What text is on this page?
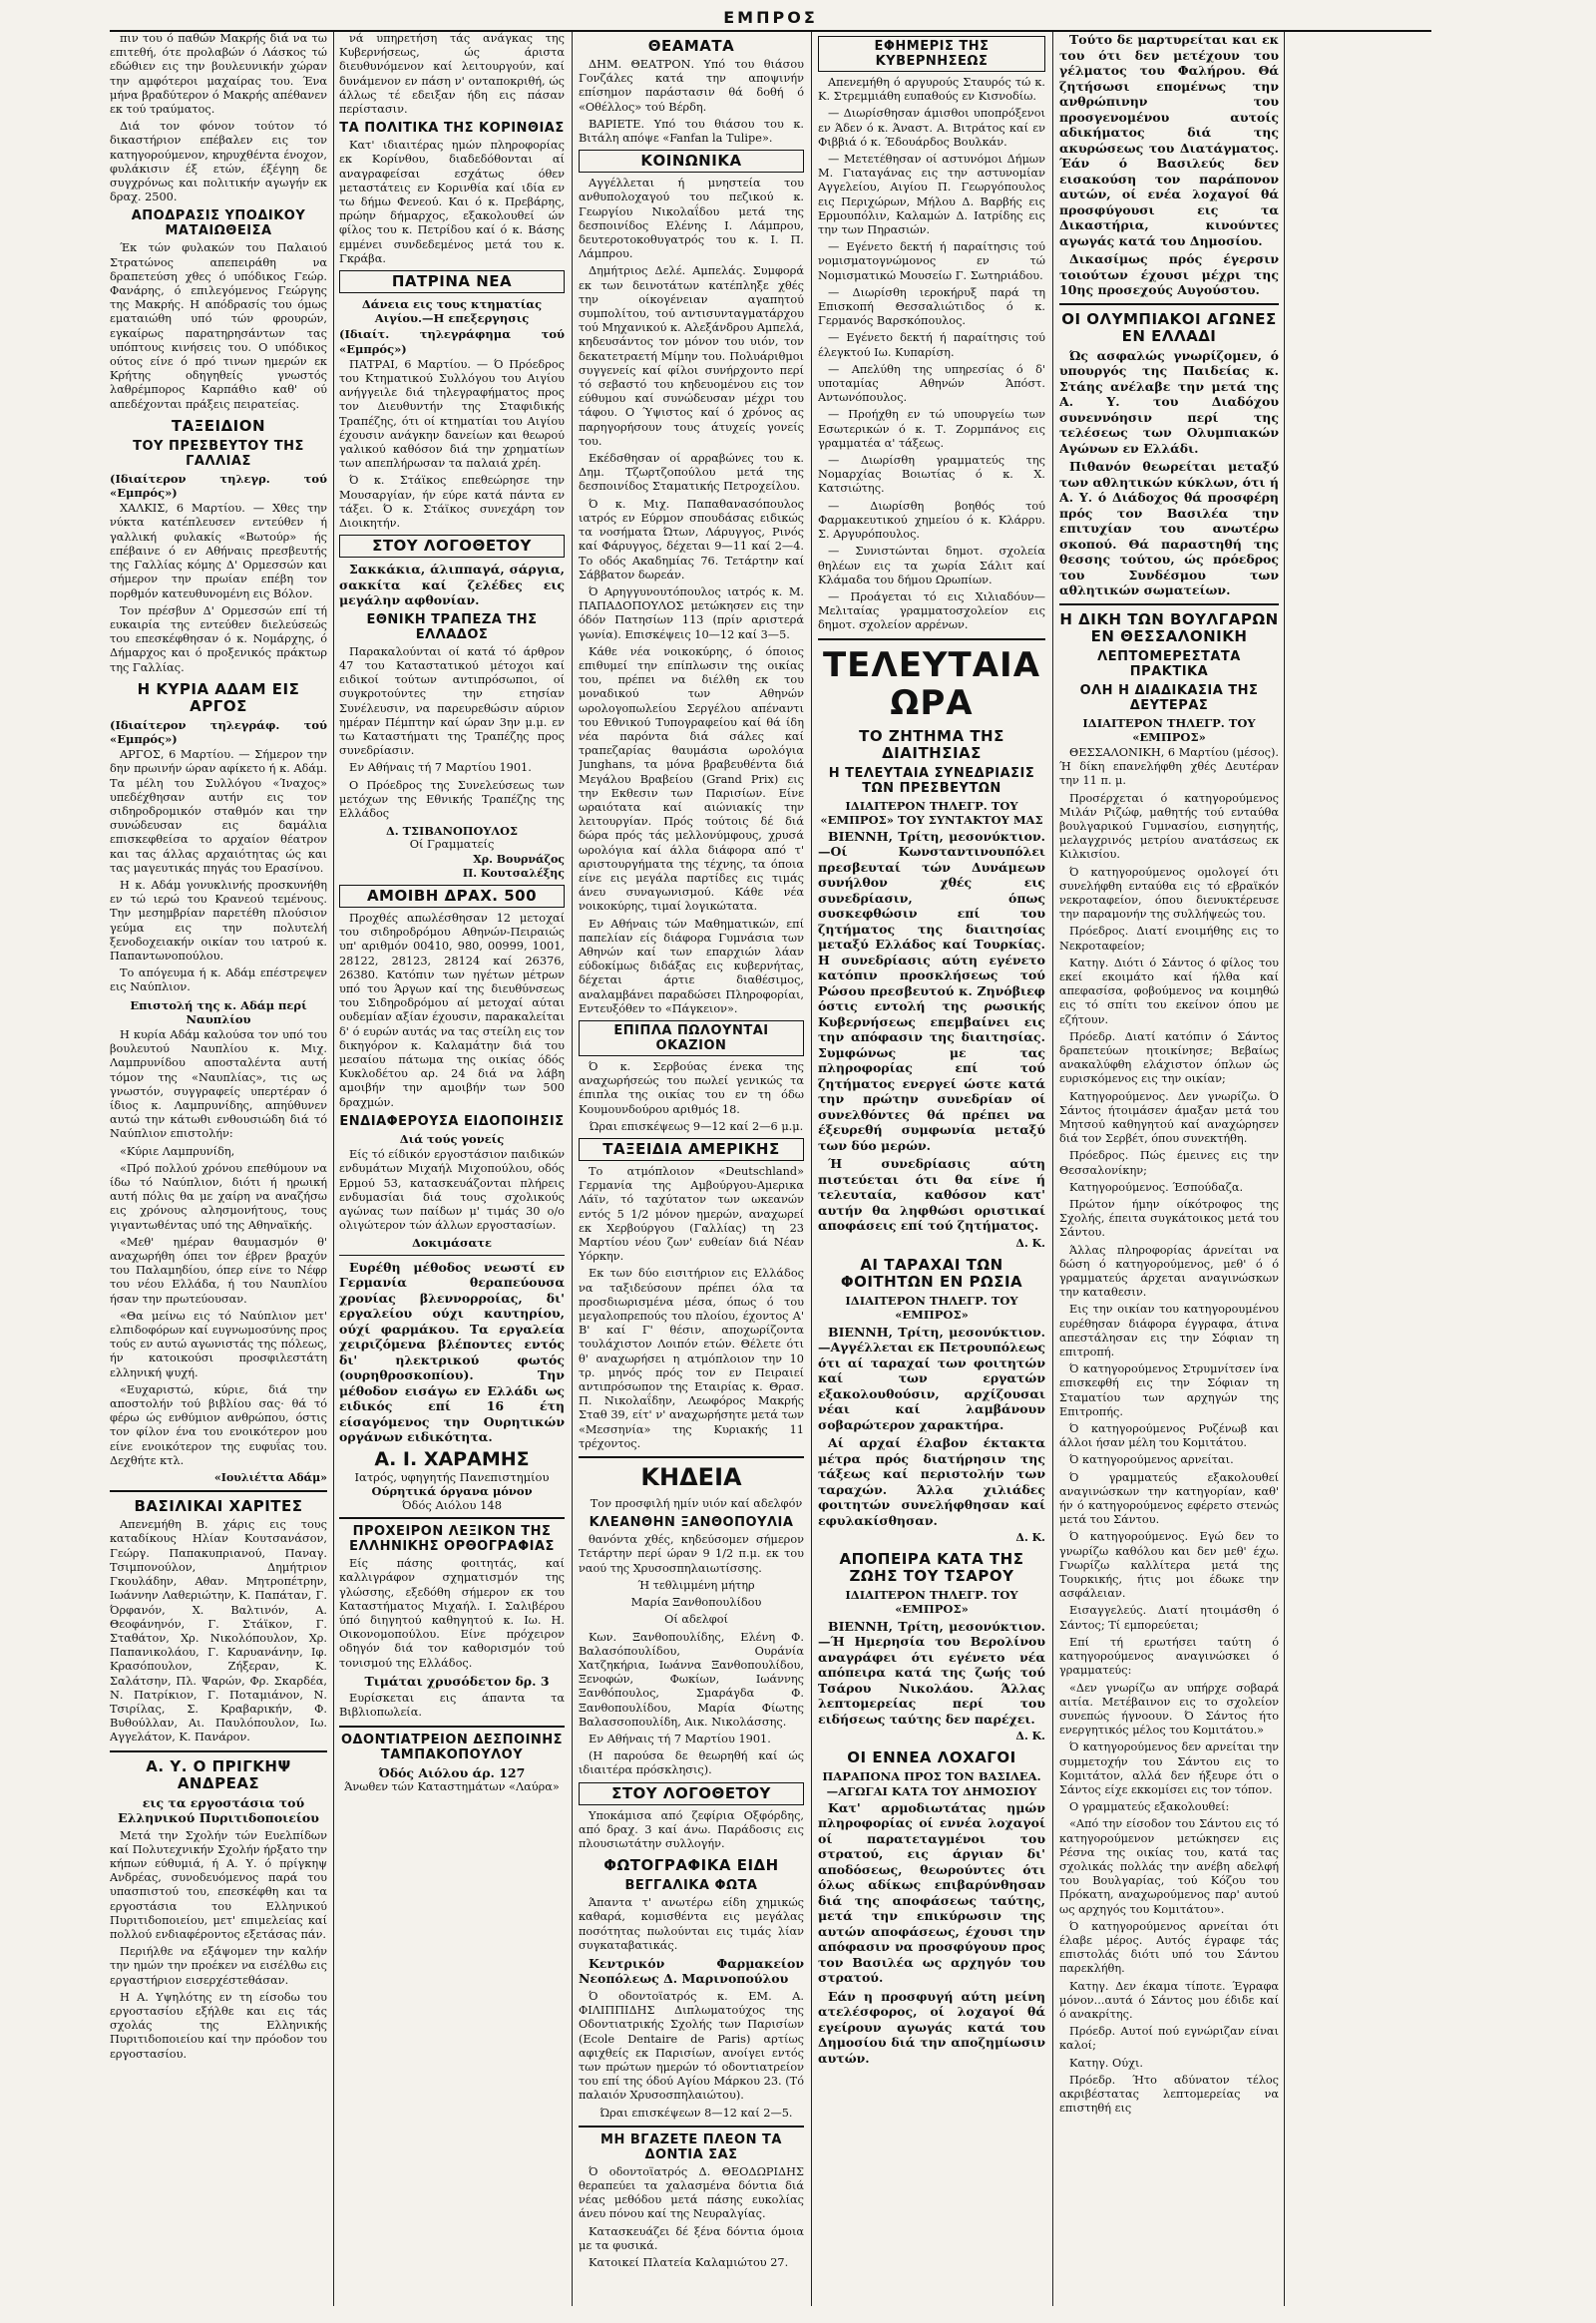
ΕΜΠΡΟΣ

πιν του ό παθών Μακρής διά να τω επιτεθή, ότε προλαβών ό Λάσκος τώ εδώθιεν εις την βουλευνικήν χώραν την αμφότεροι μαχαίρας του. Ένα μήνα βραδύτερον ό Μακρής απέθανεν εκ τού τραύματος.

Διά τον φόνον τούτον τό δικαστήριον επέβαλεν εις τον κατηγορούμενον, κηρυχθέντα ένοχον, φυλάκισιν έξ ετών, έξέγηη δε συγχρόνως και πολιτικήν αγωγήν εκ δραχ. 2500.

ΑΠΟΔΡΑΣΙΣ ΥΠΟΔΙΚΟΥ ΜΑΤΑΙΩΘΕΙΣΑ

Έκ τών φυλακών του Παλαιού Στρατώνος απεπειράθη να δραπετεύση χθες ό υπόδικος Γεώρ. Φανάρης, ό επιλεγόμενος Γεώργης της Μακρής. Η απόδρασίς του όμως εματαιώθη υπό τών φρουρών, εγκαίρως παρατηρησάντων τας υπόπτους κινήσεις του. Ο υπόδικος ούτος είνε ό πρό τινων ημερών εκ Κρήτης οδηγηθείς γνωστός λαθρέμπορος Καρπάθιο καθ' ού απεδέχονται πράξεις πειρατείας.

ΤΑΞΕΙΔΙΟΝ
ΤΟΥ ΠΡΕΣΒΕΥΤΟΥ ΤΗΣ ΓΑΛΛΙΑΣ
(Ιδιαίτερον τηλεγρ. τού «Εμπρός»)

ΧΑΛΚΙΣ, 6 Μαρτίου. — Χθες την νύκτα κατέπλευσεν εντεύθεν ή γαλλική φυλακίς «Βωτούρ» ής επέβαινε ό εν Αθήναις πρεσβευτής της Γαλλίας κόμης Δ' Ορμεσσών και σήμερον την πρωίαν επέβη τον πορθμόν κατευθυνομένη εις Βόλον.

Τον πρέσβυν Δ' Ορμεσσών επί τή ευκαιρία της εντεύθεν διελεύσεώς του επεσκέφθησαν ό κ. Νομάρχης, ό Δήμαρχος και ό προξενικός πράκτωρ της Γαλλίας.

Η ΚΥΡΙΑ ΑΔΑΜ ΕΙΣ ΑΡΓΟΣ
(Ιδιαίτερον τηλεγράφ. τού «Εμπρός»)

ΑΡΓΟΣ, 6 Μαρτίου. — Σήμερον την δην πρωινήν ώραν αφίκετο ή κ. Αδάμ. Τα μέλη του Συλλόγου «Ίναχος» υπεδέχθησαν αυτήν εις τον σιδηροδρομικόν σταθμόν και την συνώδευσαν εις δαμάλια επισκεφθείσα το αρχαίον θέατρον και τας άλλας αρχαιότητας ώς και τας μαγευτικάς πηγάς του Ερασίνου.

Η κ. Αδάμ γονυκλινής προσκυνήθη εν τώ ιερώ του Κρανεού τεμένους. Την μεσημβρίαν παρετέθη πλούσιον γεύμα εις την πολυτελή ξενοδοχειακήν οικίαν του ιατρού κ. Παπαντωνοπούλου.

Το απόγευμα ή κ. Αδάμ επέστρεψεν εις Ναύπλιον.

Επιστολή της κ. Αδάμ περί Ναυπλίου

Η κυρία Αδάμ καλούσα τον υπό του βουλευτού Ναυπλίου κ. Μιχ. Λαμπρυνίδου αποσταλέντα αυτή τόμον της «Ναυπλίας», τις ως γνωστόν, συγγραφείς υπερτέραν ό ίδιος κ. Λαμπρυνίδης, απηύθυνεν αυτώ την κάτωθι ενθουσιώδη διά τό Ναύπλιον επιστολήν:

«Κύριε Λαμπρυνίδη,

«Πρό πολλού χρόνου επεθύμουν να ίδω τό Ναύπλιον, διότι ή ηρωική αυτή πόλις θα με χαίρη να αναζήσω εις χρόνους αλησμονήτους, τους γιγαντωθέντας υπό της Αθηναϊκής.

«Μεθ' ημέραν θαυμασμόν θ' αναχωρήθη όπει τον έβρεν βραχύν του Παλαμηδίου, όπερ είνε το Νέφρ του νέου Ελλάδα, ή του Ναυπλίου ήσαν την πρωτεύουσαν.

«Θα μείνω εις τό Ναύπλιον μετ' ελπιδοφόρων καί ευγνωμοσύνης προς τούς εν αυτώ αγωνιστάς της πόλεως, ήν κατοικούσι προσφιλεστάτη ελληνική ψυχή.

«Ευχαριστώ, κύριε, διά την αποστολήν τού βιβλίου σας· θά τό φέρω ώς ενθύμιον ανθρώπου, όστις τον φίλον ένα του ενοικότερον μου είνε ενοικότερον της ευφυΐας του. Δεχθήτε κτλ.

«Ιουλιέττα Αδάμ»
ΒΑΣΙΛΙΚΑΙ ΧΑΡΙΤΕΣ

Απενεμήθη Β. χάρις εις τους καταδίκους Ηλίαν Κουτσανάσον, Γεώργ. Παπακυπριανού, Παναγ. Τσιμπονούλον, Δημήτριον Γκουλάδην, Αθαν. Μητροπέτρην, Ιωάννην Λαθεριώτην, Κ. Παπάταν, Γ. Όρφανόν, Χ. Βαλτινόν, Α. Θεοφάνηνόν, Γ. Στάϊκον, Γ. Σταθάτον, Χρ. Νικολόπουλον, Χρ. Παπανικολάου, Γ. Καρυανάνην, Ιφ. Κρασόπουλον, Ζήξεραν, Κ. Σαλάτσην, Πλ. Ψαρών, Φρ. Σκαρδέα, Ν. Πατρίκιον, Γ. Ποταμιάνον, Ν. Τσιρίλας, Σ. Κραβαρικήν, Φ. Βυθούλλαν, Αι. Παυλόπουλον, Ιω. Αγγελάτον, Κ. Πανάρον.

Α. Υ. Ο ΠΡΙΓΚΗΨ ΑΝΔΡΕΑΣ

εις τα εργοστάσια τού Ελληνικού Πυριτιδοποιείου

Μετά την Σχολήν τών Ευελπίδων καί Πολυτεχνικήν Σχολήν ήρξατο την κήπων εύθυμιά, ή Α. Υ. ό πρίγκηψ Ανδρέας, συνοδευόμενος παρά του υπασπιστού του, επεσκέφθη και τα εργοστάσια του Ελληνικού Πυριτιδοποιείου, μετ' επιμελείας καί πολλού ενδιαφέροντος εξετάσας πάν.

Περιήλθε να εξάψομεν την καλήν την ημών την προέκεν να εισέλθω εις εργαστήριον εισερχέστεθάσαν.

Η Α. Υψηλότης εν τη είσοδω του εργοστασίου εξήλθε και εις τάς σχολάς της Ελληνικής Πυριτιδοποιείου καί την πρόοδον του εργοστασίου.

νά υπηρετήση τάς ανάγκας της Κυβερνήσεως, ώς άριστα διευθυνόμενον καί λειτουργούν, καί δυνάμενον εν πάση ν' ονταποκριθή, ώς άλλως τέ εδειξαν ήδη εις πάσαν περίστασιν.

ΤΑ ΠΟΛΙΤΙΚΑ ΤΗΣ ΚΟΡΙΝΘΙΑΣ

Κατ' ιδιαιτέρας ημών πληροφορίας εκ Κορίνθου, διαδεδόθονται αί αναγραφείσαι εσχάτως όθεν μεταστάτεις εν Κορινθία καί ιδία εν τω δήμω Φενεού. Και ό κ. Πρεβάρης, πρώην δήμαρχος, εξακολουθεί ών φίλος του κ. Πετρίδου καί ό κ. Βάσης εμμένει συνδεδεμένος μετά του κ. Γκράβα.

ΠΑΤΡΙΝΑ ΝΕΑ
Δάνεια εις τους κτηματίας Αιγίου.—Η επεξεργησις
(Ιδιαίτ. τηλεγράφημα τού «Εμπρός»)

ΠΑΤΡΑΙ, 6 Μαρτίου. — Ό Πρόεδρος του Κτηματικού Συλλόγου του Αιγίου ανήγγειλε διά τηλεγραφήματος προς τον Διευθυντήν της Σταφιδικής Τραπέζης, ότι οί κτηματίαι του Αιγίου έχουσιν ανάγκην δανείων και θεωρού γαλικού καθόσον διά την χρηματίων των απεπλήρωσαν τα παλαιά χρέη.

Ό κ. Στάϊκος επεθεώρησε την Μουσαργίαν, ήν εύρε κατά πάντα εν τάξει. Ό κ. Στάϊκος συνεχάρη τον Διοικητήν.

ΣΤΟΥ ΛΟΓΟΘΕΤΟΥ

Σακκάκια, άλιππαγά, σάργια, σακκίτα καί ζελέδες εις μεγάλην αφθονίαν.

ΕΘΝΙΚΗ ΤΡΑΠΕΖΑ ΤΗΣ ΕΛΛΑΔΟΣ

Παρακαλούνται οί κατά τό άρθρον 47 του Καταστατικού μέτοχοι καί ειδικοί τούτων αντιπρόσωποι, οί συγκροτούντες την ετησίαν Συνέλευσιν, να παρευρεθώσιν αύριον ημέραν Πέμπτην καί ώραν 3ην μ.μ. εν τω Καταστήματι της Τραπέζης προς συνεδρίασιν.

Εν Αθήναις τή 7 Μαρτίου 1901.

Ο Πρόεδρος της Συνελεύσεως των μετόχων της Εθνικής Τραπέζης της Ελλάδος

Δ. ΤΣΙΒΑΝΟΠΟΥΛΟΣ
Οί Γραμματείς
Χρ. Βουρνάζος
Π. Κουτσαλέξης
ΑΜΟΙΒΗ ΔΡΑΧ. 500

Προχθές απωλέσθησαν 12 μετοχαί του σιδηροδρόμου Αθηνών-Πειραιώς υπ' αριθμόν 00410, 980, 00999, 1001, 28122, 28123, 28124 καί 26376, 26380. Κατόπιν των ηγέτων μέτρων υπό του Άργων καί της διευθύνσεως του Σιδηροδρόμου αί μετοχαί αύται ουδεμίαν αξίαν έχουσιν, παρακαλείται δ' ό ευρών αυτάς να τας στείλη εις τον δικηγόρον κ. Καλαμάτην διά του μεσαίου πάτωμα της οικίας όδός Κυκλοδέτου αρ. 24 διά να λάβη αμοιβήν την αμοιβήν των 500 δραχμών.

ΕΝΔΙΑΦΕΡΟΥΣΑ ΕΙΔΟΠΟΙΗΣΙΣ
Διά τούς γονείς

Είς τό είδικόν εργοστάσιον παιδικών ενδυμάτων Μιχαήλ Μιχοπούλου, οδός Ερμού 53, κατασκευάζονται πλήρεις ενδυμασίαι διά τους σχολικούς αγώνας των παίδων μ' τιμάς 30 ο/ο ολιγώτερον τών άλλων εργοστασίων.

Δοκιμάσατε

Ευρέθη μέθοδος νεωστί εν Γερμανία θεραπεύουσα χρονίας βλεννορροίας, δι' εργαλείου ούχι καυτηρίου, ούχί φαρμάκου. Τα εργαλεία χειριζόμενα βλέποντες εντός δι' ηλεκτρικού φωτός (ουρηθροσκοπίου). Την μέθοδον εισάγω εν Ελλάδι ως ειδικός επί 16 έτη είσαγόμενος την Ουρητικών οργάνων ειδικότητα.

Α. Ι. ΧΑΡΑΜΗΣ
Ιατρός, υφηγητής Πανεπιστημίου
Ούρητικά όργανα μόνον
Όδός Αιόλου 148
ΠΡΟΧΕΙΡΟΝ ΛΕΞΙΚΟΝ ΤΗΣ ΕΛΛΗΝΙΚΗΣ ΟΡΘΟΓΡΑΦΙΑΣ

Είς πάσης φοιτητάς, καί καλλιγράφον σχηματισμόν της γλώσσης, εξεδόθη σήμερον εκ του Καταστήματος Μιχαήλ. Ι. Σαλιβέρου ύπό διηγητού καθηγητού κ. Ιω. Η. Οικονομοπούλου. Είνε πρόχειρον οδηγόν διά τον καθορισμόν τού τονισμού της Ελλάδος.

Τιμάται χρυσόδετον δρ. 3

Ευρίσκεται εις άπαντα τα Βιβλιοπωλεία.

ΟΔΟΝΤΙΑΤΡΕΙΟΝ ΔΕΣΠΟΙΝΗΣ ΤΑΜΠΑΚΟΠΟΥΛΟΥ
Όδός Αιόλου άρ. 127
Άνωθεν τών Καταστημάτων «Λαύρα»
ΘΕΑΜΑΤΑ

ΔΗΜ. ΘΕΑΤΡΟΝ. Υπό του θιάσου Γονζάλες κατά την αποψινήν επίσημον παράστασιν θά δοθή ό «Οθέλλος» τού Βέρδη.

ΒΑΡΙΕΤΕ. Υπό του θιάσου του κ. Βιτάλη απόψε «Fanfan la Tulipe».

ΚΟΙΝΩΝΙΚΑ

Αγγέλλεται ή μνηστεία του ανθυπολοχαγού του πεζικού κ. Γεωργίου Νικολαΐδου μετά της δεσποινίδος Ελένης Ι. Λάμπρου, δευτεροτοκοθυγατρός του κ. Ι. Π. Λάμπρου.

Δημήτριος Δελέ. Αμπελάς. Συμφορά εκ των δεινοτάτων κατέπληξε χθές την οίκογένειαν αγαπητού συμπολίτου, τού αντισυνταγματάρχου τού Μηχανικού κ. Αλεξάνδρου Αμπελά, κηδευσάντος τον μόνον του υιόν, τον δεκατετραετή Μίμην του. Πολυάριθμοι συγγενείς καί φίλοι συνήρχοντο περί τό σεβαστό του κηδευομένου εις τον εύθυμου καί συνώδευσαν μέχρι του τάφου. Ο Ύψιστος καί ό χρόνος ας παρηγορήσουν τους άτυχείς γονείς του.

Εκέδσθησαν οί αρραβώνες του κ. Δημ. Τζωρτζοπούλου μετά της δεσποινίδος Σταματικής Πετροχείλου.

Ό κ. Μιχ. Παπαθανασόπουλος ιατρός εν Εύρμον σπουδάσας ειδικώς τα νοσήματα Ώτων, Λάρυγγος, Ρινός καί Φάρυγγος, δέχεται 9—11 καί 2—4. Το οδός Ακαδημίας 76. Τετάρτην καί Σάββατον δωρεάν.

Ό Αρηγγυνουτόπουλος ιατρός κ. Μ. ΠΑΠΑΔΟΠΟΥΛΟΣ μετώκησεν εις την όδόν Πατησίων 113 (πρίν αριστερά γωνία). Επισκέψεις 10—12 καί 3—5.

Κάθε νέα νοικοκύρης, ό όποιος επιθυμεί την επίπλωσιν της οικίας του, πρέπει να διέλθη εκ του μοναδικού των Αθηνών ωρολογοπωλείου Σεργέλου απέναντι του Εθνικού Τυπογραφείου καί θά ίδη νέα παρόντα διά σάλες καί τραπεζαρίας θαυμάσια ωρολόγια Junghans, τα μόνα βραβευθέντα διά Μεγάλου Βραβείου (Grand Prix) εις την Εκθεσιν των Παρισίων. Είνε ωραιότατα καί αιώνιακίς την λειτουργίαν. Πρός τούτοις δέ διά δώρα πρός τάς μελλονύμφους, χρυσά ωρολόγια καί άλλα διάφορα από τ' αριστουργήματα της τέχνης, τα όποια είνε εις μεγάλα παρτίδες εις τιμάς άνευ συναγωνισμού. Κάθε νέα νοικοκύρης, τιμαί λογικώτατα.

Εν Αθήναις τών Μαθηματικών, επί παπελίαν είς διάφορα Γυμνάσια των Αθηνών καί των επαρχιών λάαν εύδοκίμως διδάξας εις κυβερνήτας, δέχεται άρτιε διαθέσιμος, αναλαμβάνει παραδώσει Πληροφορίαι, Εντευξόθεν το «Πάγκειον».

ΕΠΙΠΛΑ ΠΩΛΟΥΝΤΑΙ ΟΚΑΖΙΟΝ

Ό κ. Σερβούας ένεκα της αναχωρήσεώς του πωλεί γενικώς τα έπιπλα της οικίας του εν τη όδω Κουμουνδούρου αριθμός 18.

Ώραι επισκέψεως 9—12 καί 2—6 μ.μ.

ΤΑΞΕΙΔΙΑ ΑΜΕΡΙΚΗΣ

Το ατμόπλοιον «Deutschland» Γερμανία της Αμβούργου-Αμερικα Λάϊν, τό ταχύτατον των ωκεανών εντός 5 1/2 μόνον ημερών, αναχωρεί εκ Χερβούργου (Γαλλίας) τη 23 Μαρτίου νέου ζων' ευθείαν διά Νέαν Υόρκην.

Εκ των δύο εισιτήριον εις Ελλάδος να ταξιδεύσουν πρέπει όλα τα προσδιωρισμένα μέσα, όπως ό του μεγαλοπρεπούς του πλοίου, έχοντος Α' Β' καί Γ' θέσιν, αποχωρίζοντα τουλάχιστον Λοιπόν ετών. Θέλετε ότι θ' αναχωρήσει η ατμόπλοιον την 10 τρ. μηνός πρός τον εν Πειραιεί αντιπρόσωπον της Εταιρίας κ. Θρασ. Π. Νικολαΐδην, Λεωφόρος Μακρής Σταθ 39, είτ' ν' αναχωρήσητε μετά των «Μεσσηνία» της Κυριακής 11 τρέχοντος.

ΚΗΔΕΙΑ

Τον προσφιλή ημίν υιόν καί αδελφόν

ΚΛΕΑΝΘΗΝ ΞΑΝΘΟΠΟΥΛΙΑ

θανόντα χθές, κηδεύσομεν σήμερον Τετάρτην περί ώραν 9 1/2 π.μ. εκ του ναού της Χρυσοσπηλαιωτίσσης.

Ή τεθλιμμένη μήτηρ

Μαρία Ξανθοπουλίδου

Οί αδελφοί

Κων. Ξανθοπουλίδης, Ελένη Φ. Βαλασόπουλίδου, Ουράνία Χατζηκήρια, Ιωάννα Ξανθοπουλίδου, Ξενοφών, Φωκίων, Ιωάννης Ξανθόπουλος, Σμαράγδα Φ. Ξανθοπουλίδου, Μαρία Φίωτης Βαλασσοπουλίδη, Αικ. Νικολάσσης.

Εν Αθήναις τή 7 Μαρτίου 1901.

(Η παρούσα δε θεωρηθή καί ώς ιδιαιτέρα πρόσκλησις).

ΣΤΟΥ ΛΟΓΟΘΕΤΟΥ

Υποκάμισα από ζεφίρια Οξφόρδης, από δραχ. 3 καί άνω. Παράδοσις εις πλουσιωτάτην συλλογήν.

ΦΩΤΟΓΡΑΦΙΚΑ ΕΙΔΗ
ΒΕΓΓΑΛΙΚΑ ΦΩΤΑ

Άπαντα τ' ανωτέρω είδη χημικώς καθαρά, κομισθέντα εις μεγάλας ποσότητας πωλούνται εις τιμάς λίαν συγκαταβατικάς.

Κεντρικόν Φαρμακείον Νεοπόλεως Δ. Μαρινοπούλου

Ό οδοντοϊατρός κ. ΕΜ. Α. ΦΙΛΙΠΠΙΔΗΣ Διπλωματούχος της Οδοντιατρικής Σχολής των Παρισίων (Ecole Dentaire de Paris) αρτίως αφιχθείς εκ Παρισίων, ανοίγει εντός των πρώτων ημερών τό οδοντιατρείον του επί της όδού Αγίου Μάρκου 23. (Τό παλαιόν Χρυσοσπηλαιώτου).

Ώραι επισκέψεων 8—12 καί 2—5.

ΜΗ ΒΓΑΖΕΤΕ ΠΛΕΟΝ ΤΑ ΔΟΝΤΙΑ ΣΑΣ

Ό οδοντοϊατρός Δ. ΘΕΟΔΩΡΙΔΗΣ θεραπεύει τα χαλασμένα δόντια διά νέας μεθόδου μετά πάσης ευκολίας άνευ πόνου καί της Νευραλγίας.

Κατασκευάζει δέ ξένα δόντια όμοια με τα φυσικά.

Κατοικεί Πλατεία Καλαμιώτου 27.

ΕΦΗΜΕΡΙΣ ΤΗΣ ΚΥΒΕΡΝΗΣΕΩΣ

Απενεμήθη ό αργυρούς Σταυρός τώ κ. Κ. Στρεμμιάθη ευπαθούς εν Κισνοδίω.

— Διωρίσθησαν άμισθοι υποπρόξενοι εν Άδεν ό κ. Άναστ. Α. Βιτράτος καί εν Φιββιά ό κ. Έδουάρδος Βουλκάν.

— Μετετέθησαν οί αστυνόμοι Δήμων Μ. Γιαταγάνας εις την αστυνομίαν Αγγελείου, Αιγίου Π. Γεωργόπουλος εις Περιχώρων, Μήλου Δ. Βαρβής εις Ερμουπόλιν, Καλαμών Δ. Ιατρίδης εις την των Πηρασιών.

— Εγένετο δεκτή ή παραίτησις τού νομισματογνώμονος εν τώ Νομισματικώ Μουσείω Γ. Σωτηριάδου.

— Διωρίσθη ιεροκήρυξ παρά τη Επισκοπή Θεσσαλιώτιδος ό κ. Γερμανός Βαρσκόπουλος.

— Εγένετο δεκτή ή παραίτησις τού έλεγκτού Ιω. Κυπαρίση.

— Απελύθη της υπηρεσίας ό δ' υποταμίας Αθηνών Άπόστ. Αντωνόπουλος.

— Προήχθη εν τώ υπουργείω των Εσωτερικών ό κ. Τ. Ζορμπάνος εις γραμματέα α' τάξεως.

— Διωρίσθη γραμματεύς της Νομαρχίας Βοιωτίας ό κ. Χ. Κατσιώτης.

— Διωρίσθη βοηθός τού Φαρμακευτικού χημείου ό κ. Κλάρρυ. Σ. Αργυρόπουλος.

— Συνιστώνται δημοτ. σχολεία θηλέων εις τα χωρία Σάλιτ καί Κλάμαδα του δήμου Ωρωπίων.

— Προάγεται τό εις Χιλιαδόυν—Μελιταίας γραμματοσχολείον εις δημοτ. σχολείον αρρένων.

ΤΕΛΕΥΤΑΙΑ ΩΡΑ
ΤΟ ΖΗΤΗΜΑ ΤΗΣ ΔΙΑΙΤΗΣΙΑΣ
Η ΤΕΛΕΥΤΑΙΑ ΣΥΝΕΔΡΙΑΣΙΣ ΤΩΝ ΠΡΕΣΒΕΥΤΩΝ
ΙΔΙΑΙΤΕΡΟΝ ΤΗΛΕΓΡ. ΤΟΥ «ΕΜΠΡΟΣ» ΤΟΥ ΣΥΝΤΑΚΤΟΥ ΜΑΣ

ΒΙΕΝΝΗ, Τρίτη, μεσονύκτιον.—Οί Κωνσταντινουπόλει πρεσβευταί τών Δυνάμεων συνήλθον χθές εις συνεδρίασιν, όπως συσκεφθώσιν επί του ζητήματος της διαιτησίας μεταξύ Ελλάδος καί Τουρκίας. Η συνεδρίασις αύτη εγένετο κατόπιν προσκλήσεως τού Ρώσου πρεσβευτού κ. Ζηνόβιεφ όστις εντολή της ρωσικής Κυβερνήσεως επεμβαίνει εις την απόφασιν της διαιτησίας. Συμφώνως με τας πληροφορίας επί τού ζητήματος ενεργεί ώστε κατά την πρώτην συνεδρίαν οί συνελθόντες θά πρέπει να έξευρεθή συμφωνία μεταξύ των δύο μερών.

Ή συνεδρίασις αύτη πιστεύεται ότι θα είνε ή τελευταία, καθόσον κατ' αυτήν θα ληφθώσι οριστικαί αποφάσεις επί τού ζητήματος.

Δ. Κ.
ΑΙ ΤΑΡΑΧΑΙ ΤΩΝ ΦΟΙΤΗΤΩΝ ΕΝ ΡΩΣΙΑ
ΙΔΙΑΙΤΕΡΟΝ ΤΗΛΕΓΡ. ΤΟΥ «ΕΜΠΡΟΣ»

ΒΙΕΝΝΗ, Τρίτη, μεσονύκτιον.—Αγγέλλεται εκ Πετρουπόλεως ότι αί ταραχαί των φοιτητών καί των εργατών εξακολουθούσιν, αρχίζουσαι νέαι καί λαμβάνουν σοβαρώτερον χαρακτήρα.

Αί αρχαί έλαβον έκτακτα μέτρα πρός διατήρησιν της τάξεως καί περιστολήν των ταραχών. Άλλα χιλιάδες φοιτητών συνελήφθησαν καί εφυλακίσθησαν.

Δ. Κ.
ΑΠΟΠΕΙΡΑ ΚΑΤΑ ΤΗΣ ΖΩΗΣ ΤΟΥ ΤΣΑΡΟΥ
ΙΔΙΑΙΤΕΡΟΝ ΤΗΛΕΓΡ. ΤΟΥ «ΕΜΠΡΟΣ»

ΒΙΕΝΝΗ, Τρίτη, μεσονύκτιον.—Ή Ημερησία του Βερολίνου αναγράφει ότι εγένετο νέα απόπειρα κατά της ζωής τού Τσάρου Νικολάου. Άλλας λεπτομερείας περί του ειδήσεως ταύτης δεν παρέχει.

Δ. Κ.
ΟΙ ΕΝΝΕΑ ΛΟΧΑΓΟΙ
ΠΑΡΑΠΟΝΑ ΠΡΟΣ ΤΟΝ ΒΑΣΙΛΕΑ.—ΑΓΩΓΑΙ ΚΑΤΑ ΤΟΥ ΔΗΜΟΣΙΟΥ

Κατ' αρμοδιωτάτας ημών πληροφορίας οί εννέα λοχαγοί οί παρατεταγμένοι του στρατού, εις άργιαν δι' αποδόσεως, θεωρούντες ότι όλως αδίκως επιβαρύνθησαν διά της αποφάσεως ταύτης, μετά την επικύρωσιν της αυτών αποφάσεως, έχουσι την απόφασιν να προσφύγουν προς τον Βασιλέα ως αρχηγόν του στρατού.

Εάν η προσφυγή αύτη μείνη ατελέσφορος, οί λοχαγοί θά εγείρουν αγωγάς κατά του Δημοσίου διά την αποζημίωσιν αυτών.

Τούτο δε μαρτυρείται και εκ του ότι δεν μετέχουν του γέλματος του Φαλήρου. Θά ζητήσωσι επομένως την ανθρώπινην του προσγενομένου αυτοίς αδικήματος διά της ακυρώσεως του Διατάγματος. Έάν ό Βασιλεύς δεν εισακούση τον παράπονον αυτών, οί ενέα λοχαγοί θά προσφύγουσι εις τα Δικαστήρια, κινούντες αγωγάς κατά του Δημοσίου.

Δικασίμως πρός έγερσιν τοιούτων έχουσι μέχρι της 10ης προσεχούς Αυγούστου.

ΟΙ ΟΛΥΜΠΙΑΚΟΙ ΑΓΩΝΕΣ ΕΝ ΕΛΛΑΔΙ

Ώς ασφαλώς γνωρίζομεν, ό υπουργός της Παιδείας κ. Στάης ανέλαβε την μετά της Α. Υ. του Διαδόχου συνεννόησιν περί της τελέσεως των Ολυμπιακών Αγώνων εν Ελλάδι.

Πιθανόν θεωρείται μεταξύ των αθλητικών κύκλων, ότι ή Α. Υ. ό Διάδοχος θά προσφέρη πρός τον Βασιλέα την επιτυχίαν του ανωτέρω σκοπού. Θά παραστηθή της θεσσης τούτου, ώς πρόεδρος του Συνδέσμου των αθλητικών σωματείων.

Η ΔΙΚΗ ΤΩΝ ΒΟΥΛΓΑΡΩΝ ΕΝ ΘΕΣΣΑΛΟΝΙΚΗ
ΛΕΠΤΟΜΕΡΕΣΤΑΤΑ ΠΡΑΚΤΙΚΑ
ΟΛΗ Η ΔΙΑΔΙΚΑΣΙΑ ΤΗΣ ΔΕΥΤΕΡΑΣ
ΙΔΙΑΙΤΕΡΟΝ ΤΗΛΕΓΡ. ΤΟΥ «ΕΜΠΡΟΣ»

ΘΕΣΣΑΛΟΝΙΚΗ, 6 Μαρτίου (μέσος). Ή δίκη επανελήφθη χθές Δευτέραν την 11 π. μ.

Προσέρχεται ό κατηγορούμενος Μιλάν Ριζώφ, μαθητής τού ενταύθα βουλγαρικού Γυμνασίου, εισηγητής, μελαγχρινός μετρίου ανατάσεως εκ Κιλκισίου.

Ό κατηγορούμενος ομολογεί ότι συνελήφθη ενταύθα εις τό εβραϊκόν νεκροταφείον, όπου διενυκτέρευσε την παραμονήν της συλλήψεώς του.

Πρόεδρος. Διατί ενοιμήθης εις το Νεκροταφείον;

Κατηγ. Διότι ό Σάντος ό φίλος του εκεί εκοιμάτο καί ήλθα καί απεφασίσα, φοβούμενος να κοιμηθώ εις τό σπίτι του εκείνον όπου με εζήτουν.

Πρόεδρ. Διατί κατόπιν ό Σάντος δραπετεύων ητοικίνησε; Βεβαίως ανακαλύφθη ελάχιστον όπλων ώς ευρισκόμενος εις την οικίαν;

Κατηγορούμενος. Δεν γνωρίζω. Ό Σάντος ήτοιμάσεν άμαξαν μετά του Μητσού καθηγητού καί αναχώρησεν διά τον Σερβέτ, όπου συνεκτήθη.

Πρόεδρος. Πώς έμεινες εις την Θεσσαλονίκην;

Κατηγορούμενος. Έσπούδαζα.

Πρώτον ήμην οίκότροφος της Σχολής, έπειτα συγκάτοικος μετά του Σάντου.

Άλλας πληροφορίας άρνείται να δώση ό κατηγορούμενος, μεθ' ό ό γραμματεύς άρχεται αναγινώσκων την καταθεσιν.

Εις την οικίαν του κατηγορουμένου ευρέθησαν διάφορα έγγραφα, άτινα απεστάλησαν εις την Σόφιαν τη επιτροπή.

Ό κατηγορούμενος Στρυμνίτσεν ίνα επισκεφθή εις την Σόφιαν τη Σταματίου των αρχηγών της Επιτροπής.

Ό κατηγορούμενος Ρυζένωβ και άλλοι ήσαν μέλη του Κομιτάτου.

Ό κατηγορούμενος αρνείται.

Ό γραμματεύς εξακολουθεί αναγινώσκων την κατηγορίαν, καθ' ήν ό κατηγορούμενος εφέρετο στενώς μετά του Σάντου.

Ό κατηγορούμενος. Εγώ δεν το γνωρίζω καθόλου και δεν μεθ' έχω. Γνωρίζω καλλίτερα μετά της Τουρκικής, ήτις μοι έδωκε την ασφάλειαν.

Εισαγγελεύς. Διατί ητοιμάσθη ό Σάντος; Τί εμπορεύεται;

Επί τή ερωτήσει ταύτη ό κατηγορούμενος αναγινώσκει ό γραμματεύς:

«Δεν γνωρίζω αν υπήρχε σοβαρά αιτία. Μετέβαινον εις το σχολείον συνεπώς ήγνοουν. Ό Σάντος ήτο ενεργητικός μέλος του Κομιτάτου.»

Ό κατηγορούμενος δεν αρνείται την συμμετοχήν του Σάντου εις το Κομιτάτον, αλλά δεν ήξευρε ότι ο Σάντος είχε εκκομίσει εις τον τόπον.

Ο γραμματεύς εξακολουθεί:

«Από την είσοδον του Σάντου εις τό κατηγορούμενον μετώκησεν εις Ρέσνα της οικίας του, κατά τας σχολικάς πολλάς την ανέβη αδελφή του Βουλγαρίας, τού Κόζου του Πρόκατη, αναχωρούμενος παρ' αυτού ως αρχηγός του Κομιτάτου».

Ό κατηγορούμενος αρνείται ότι έλαβε μέρος. Αυτός έγραφε τάς επιστολάς διότι υπό του Σάντου παρεκλήθη.

Κατηγ. Δεν έκαμα τίποτε. Έγραφα μόνον...αυτά ό Σάντος μου έδιδε καί ό ανακρίτης.

Πρόεδρ. Αυτοί πού εγνώριζαν είναι καλοί;

Κατηγ. Ούχι.

Πρόεδρ. Ήτο αδύνατον τέλος ακριβέστατας λεπτομερείας να επιστηθή εις
